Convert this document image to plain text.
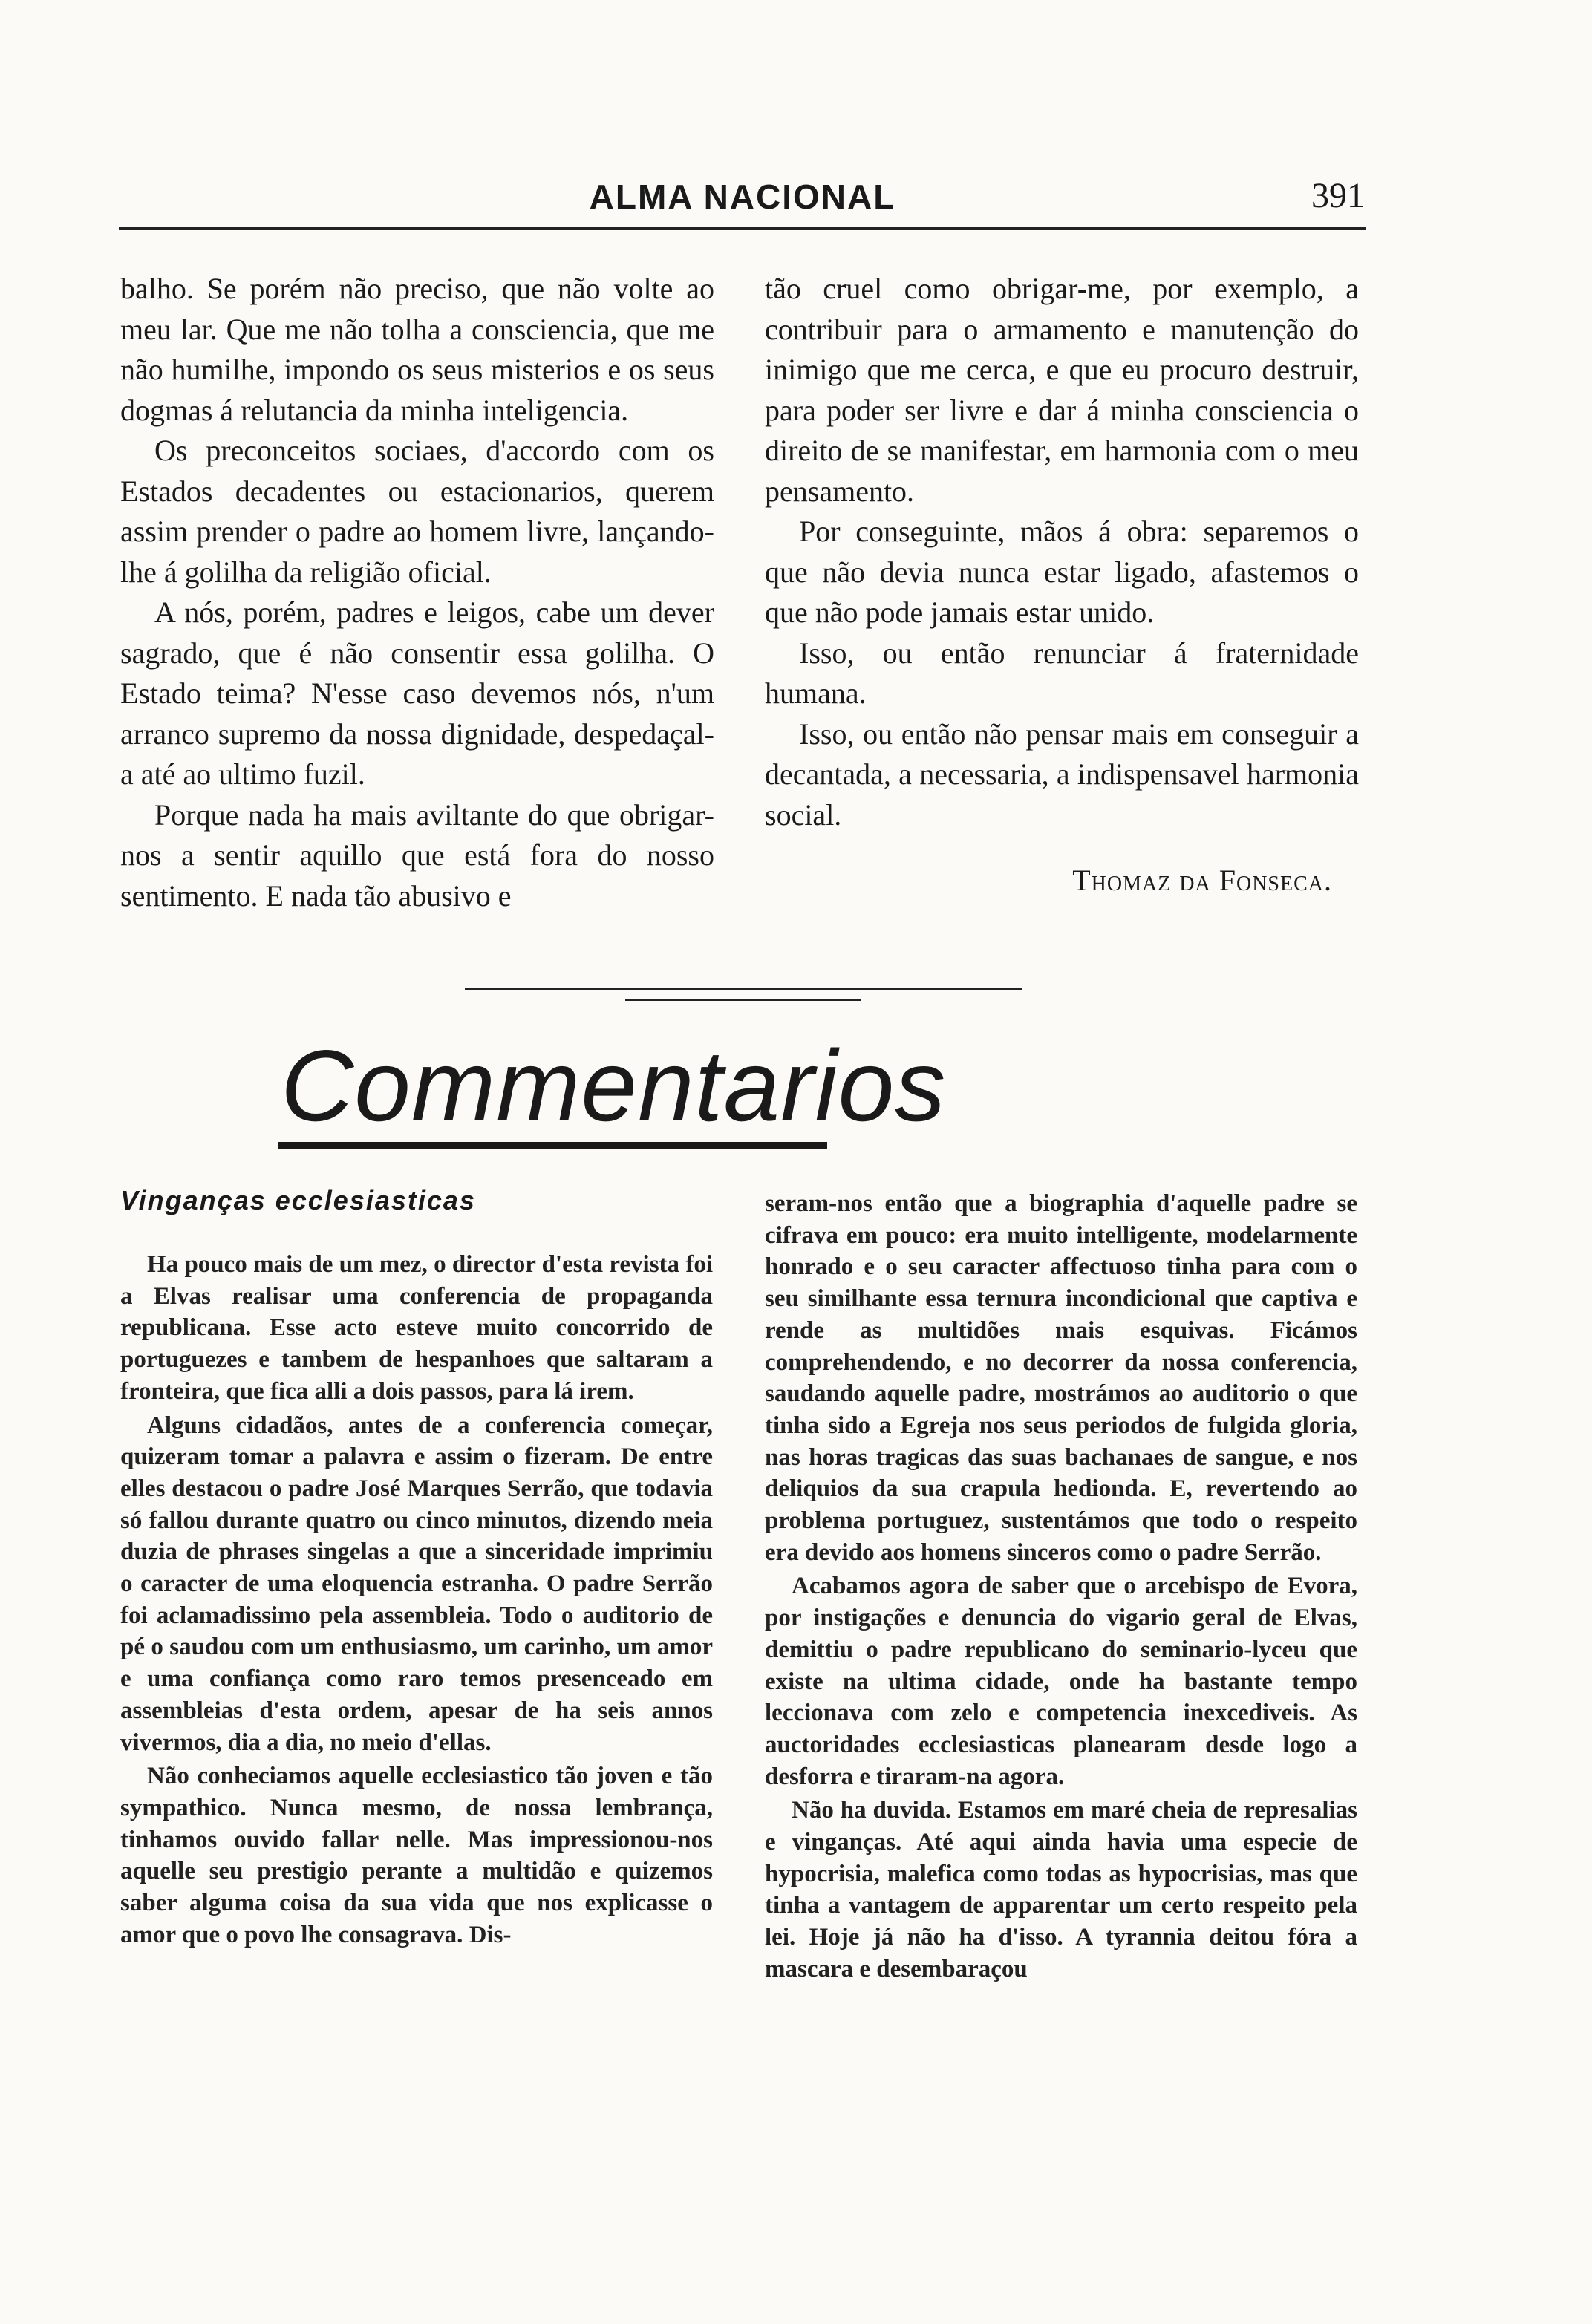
ALMA NACIONAL	391

balho. Se porém não preciso, que não volte ao meu lar. Que me não tolha a consciencia, que me não humilhe, impondo os seus misterios e os seus dogmas á relutancia da minha inteligencia.

Os preconceitos sociaes, d'accordo com os Estados decadentes ou estacionarios, querem assim prender o padre ao homem livre, lançando-lhe á golilha da religião oficial.

A nós, porém, padres e leigos, cabe um dever sagrado, que é não consentir essa golilha. O Estado teima? N'esse caso devemos nós, n'um arranco supremo da nossa dignidade, despedaçal-a até ao ultimo fuzil.

Porque nada ha mais aviltante do que obrigar-nos a sentir aquillo que está fora do nosso sentimento. E nada tão abusivo e

tão cruel como obrigar-me, por exemplo, a contribuir para o armamento e manutenção do inimigo que me cerca, e que eu procuro destruir, para poder ser livre e dar á minha consciencia o direito de se manifestar, em harmonia com o meu pensamento.

Por conseguinte, mãos á obra: separemos o que não devia nunca estar ligado, afastemos o que não pode jamais estar unido.

Isso, ou então renunciar á fraternidade humana.

Isso, ou então não pensar mais em conseguir a decantada, a necessaria, a indispensavel harmonia social.

Thomaz da Fonseca.
Commentarios
Vinganças ecclesiasticas

Ha pouco mais de um mez, o director d'esta revista foi a Elvas realisar uma conferencia de propaganda republicana. Esse acto esteve muito concorrido de portuguezes e tambem de hespanhoes que saltaram a fronteira, que fica alli a dois passos, para lá irem.

Alguns cidadãos, antes de a conferencia começar, quizeram tomar a palavra e assim o fizeram. De entre elles destacou o padre José Marques Serrão, que todavia só fallou durante quatro ou cinco minutos, dizendo meia duzia de phrases singelas a que a sinceridade imprimiu o caracter de uma eloquencia estranha. O padre Serrão foi aclamadissimo pela assembleia. Todo o auditorio de pé o saudou com um enthusiasmo, um carinho, um amor e uma confiança como raro temos presenceado em assembleias d'esta ordem, apesar de ha seis annos vivermos, dia a dia, no meio d'ellas.

Não conheciamos aquelle ecclesiastico tão joven e tão sympathico. Nunca mesmo, de nossa lembrança, tinhamos ouvido fallar nelle. Mas impressionou-nos aquelle seu prestigio perante a multidão e quizemos saber alguma coisa da sua vida que nos explicasse o amor que o povo lhe consagrava. Dis-

seram-nos então que a biographia d'aquelle padre se cifrava em pouco: era muito intelligente, modelarmente honrado e o seu caracter affectuoso tinha para com o seu similhante essa ternura incondicional que captiva e rende as multidões mais esquivas. Ficámos comprehendendo, e no decorrer da nossa conferencia, saudando aquelle padre, mostrámos ao auditorio o que tinha sido a Egreja nos seus periodos de fulgida gloria, nas horas tragicas das suas bachanaes de sangue, e nos deliquios da sua crapula hedionda. E, revertendo ao problema portuguez, sustentámos que todo o respeito era devido aos homens sinceros como o padre Serrão.

Acabamos agora de saber que o arcebispo de Evora, por instigações e denuncia do vigario geral de Elvas, demittiu o padre republicano do seminario-lyceu que existe na ultima cidade, onde ha bastante tempo leccionava com zelo e competencia inexcediveis. As auctoridades ecclesiasticas planearam desde logo a desforra e tiraram-na agora.

Não ha duvida. Estamos em maré cheia de represalias e vinganças. Até aqui ainda havia uma especie de hypocrisia, malefica como todas as hypocrisias, mas que tinha a vantagem de apparentar um certo respeito pela lei. Hoje já não ha d'isso. A tyrannia deitou fóra a mascara e desembaraçou
